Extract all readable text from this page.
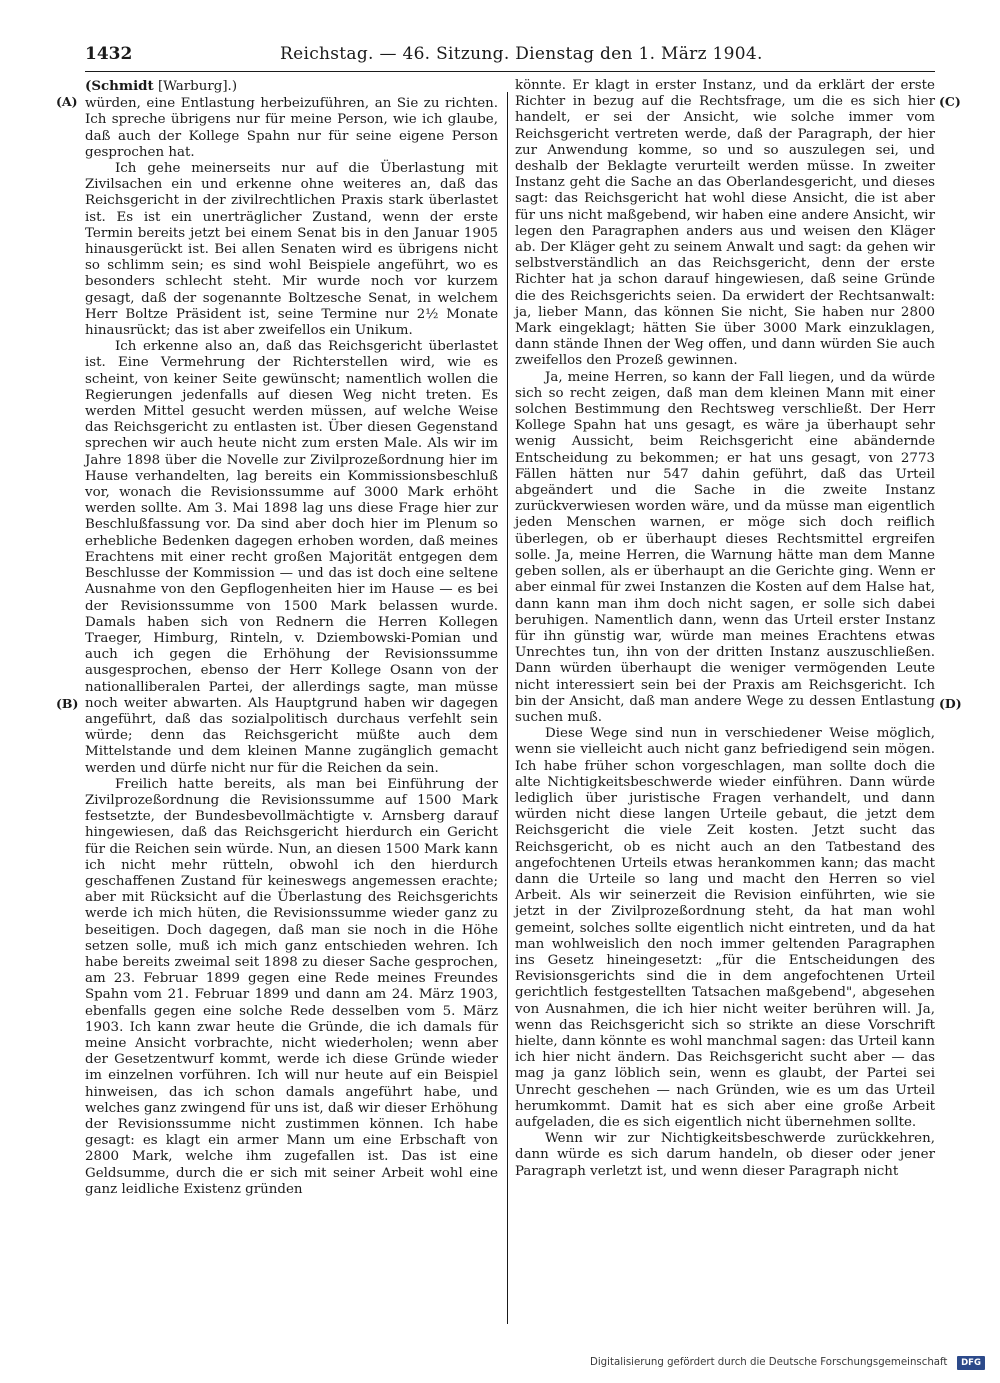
1432	Reichstag. — 46. Sitzung. Dienstag den 1. März 1904.
(A)
(B)
(C)
(D)

(Schmidt [Warburg].)

würden, eine Entlastung herbeizuführen, an Sie zu richten. Ich spreche übrigens nur für meine Person, wie ich glaube, daß auch der Kollege Spahn nur für seine eigene Person gesprochen hat.

Ich gehe meinerseits nur auf die Überlastung mit Zivilsachen ein und erkenne ohne weiteres an, daß das Reichsgericht in der zivilrechtlichen Praxis stark überlastet ist. Es ist ein unerträglicher Zustand, wenn der erste Termin bereits jetzt bei einem Senat bis in den Januar 1905 hinausgerückt ist. Bei allen Senaten wird es übrigens nicht so schlimm sein; es sind wohl Beispiele angeführt, wo es besonders schlecht steht. Mir wurde noch vor kurzem gesagt, daß der sogenannte Boltzesche Senat, in welchem Herr Boltze Präsident ist, seine Termine nur 2½ Monate hinausrückt; das ist aber zweifellos ein Unikum.

Ich erkenne also an, daß das Reichsgericht überlastet ist. Eine Vermehrung der Richterstellen wird, wie es scheint, von keiner Seite gewünscht; namentlich wollen die Regierungen jedenfalls auf diesen Weg nicht treten. Es werden Mittel gesucht werden müssen, auf welche Weise das Reichsgericht zu entlasten ist. Über diesen Gegenstand sprechen wir auch heute nicht zum ersten Male. Als wir im Jahre 1898 über die Novelle zur Zivilprozeßordnung hier im Hause verhandelten, lag bereits ein Kommissionsbeschluß vor, wonach die Revisionssumme auf 3000 Mark erhöht werden sollte. Am 3. Mai 1898 lag uns diese Frage hier zur Beschlußfassung vor. Da sind aber doch hier im Plenum so erhebliche Bedenken dagegen erhoben worden, daß meines Erachtens mit einer recht großen Majorität entgegen dem Beschlusse der Kommission — und das ist doch eine seltene Ausnahme von den Gepflogenheiten hier im Hause — es bei der Revisionssumme von 1500 Mark belassen wurde. Damals haben sich von Rednern die Herren Kollegen Traeger, Himburg, Rinteln, v. Dziembowski-Pomian und auch ich gegen die Erhöhung der Revisionssumme ausgesprochen, ebenso der Herr Kollege Osann von der nationalliberalen Partei, der allerdings sagte, man müsse noch weiter abwarten. Als Hauptgrund haben wir dagegen angeführt, daß das sozialpolitisch durchaus verfehlt sein würde; denn das Reichsgericht müßte auch dem Mittelstande und dem kleinen Manne zugänglich gemacht werden und dürfe nicht nur für die Reichen da sein.

Freilich hatte bereits, als man bei Einführung der Zivilprozeßordnung die Revisionssumme auf 1500 Mark festsetzte, der Bundesbevollmächtigte v. Arnsberg darauf hingewiesen, daß das Reichsgericht hierdurch ein Gericht für die Reichen sein würde. Nun, an diesen 1500 Mark kann ich nicht mehr rütteln, obwohl ich den hierdurch geschaffenen Zustand für keineswegs angemessen erachte; aber mit Rücksicht auf die Überlastung des Reichsgerichts werde ich mich hüten, die Revisionssumme wieder ganz zu beseitigen. Doch dagegen, daß man sie noch in die Höhe setzen solle, muß ich mich ganz entschieden wehren. Ich habe bereits zweimal seit 1898 zu dieser Sache gesprochen, am 23. Februar 1899 gegen eine Rede meines Freundes Spahn vom 21. Februar 1899 und dann am 24. März 1903, ebenfalls gegen eine solche Rede desselben vom 5. März 1903. Ich kann zwar heute die Gründe, die ich damals für meine Ansicht vorbrachte, nicht wiederholen; wenn aber der Gesetzentwurf kommt, werde ich diese Gründe wieder im einzelnen vorführen. Ich will nur heute auf ein Beispiel hinweisen, das ich schon damals angeführt habe, und welches ganz zwingend für uns ist, daß wir dieser Erhöhung der Revisionssumme nicht zustimmen können. Ich habe gesagt: es klagt ein armer Mann um eine Erbschaft von 2800 Mark, welche ihm zugefallen ist. Das ist eine Geldsumme, durch die er sich mit seiner Arbeit wohl eine ganz leidliche Existenz gründen

könnte. Er klagt in erster Instanz, und da erklärt der erste Richter in bezug auf die Rechtsfrage, um die es sich hier handelt, er sei der Ansicht, wie solche immer vom Reichsgericht vertreten werde, daß der Paragraph, der hier zur Anwendung komme, so und so auszulegen sei, und deshalb der Beklagte verurteilt werden müsse. In zweiter Instanz geht die Sache an das Oberlandesgericht, und dieses sagt: das Reichsgericht hat wohl diese Ansicht, die ist aber für uns nicht maßgebend, wir haben eine andere Ansicht, wir legen den Paragraphen anders aus und weisen den Kläger ab. Der Kläger geht zu seinem Anwalt und sagt: da gehen wir selbstverständlich an das Reichsgericht, denn der erste Richter hat ja schon darauf hingewiesen, daß seine Gründe die des Reichsgerichts seien. Da erwidert der Rechtsanwalt: ja, lieber Mann, das können Sie nicht, Sie haben nur 2800 Mark eingeklagt; hätten Sie über 3000 Mark einzuklagen, dann stände Ihnen der Weg offen, und dann würden Sie auch zweifellos den Prozeß gewinnen.

Ja, meine Herren, so kann der Fall liegen, und da würde sich so recht zeigen, daß man dem kleinen Mann mit einer solchen Bestimmung den Rechtsweg verschließt. Der Herr Kollege Spahn hat uns gesagt, es wäre ja überhaupt sehr wenig Aussicht, beim Reichsgericht eine abändernde Entscheidung zu bekommen; er hat uns gesagt, von 2773 Fällen hätten nur 547 dahin geführt, daß das Urteil abgeändert und die Sache in die zweite Instanz zurückverwiesen worden wäre, und da müsse man eigentlich jeden Menschen warnen, er möge sich doch reiflich überlegen, ob er überhaupt dieses Rechtsmittel ergreifen solle. Ja, meine Herren, die Warnung hätte man dem Manne geben sollen, als er überhaupt an die Gerichte ging. Wenn er aber einmal für zwei Instanzen die Kosten auf dem Halse hat, dann kann man ihm doch nicht sagen, er solle sich dabei beruhigen. Namentlich dann, wenn das Urteil erster Instanz für ihn günstig war, würde man meines Erachtens etwas Unrechtes tun, ihn von der dritten Instanz auszuschließen. Dann würden überhaupt die weniger vermögenden Leute nicht interessiert sein bei der Praxis am Reichsgericht. Ich bin der Ansicht, daß man andere Wege zu dessen Entlastung suchen muß.

Diese Wege sind nun in verschiedener Weise möglich, wenn sie vielleicht auch nicht ganz befriedigend sein mögen. Ich habe früher schon vorgeschlagen, man sollte doch die alte Nichtigkeitsbeschwerde wieder einführen. Dann würde lediglich über juristische Fragen verhandelt, und dann würden nicht diese langen Urteile gebaut, die jetzt dem Reichsgericht die viele Zeit kosten. Jetzt sucht das Reichsgericht, ob es nicht auch an den Tatbestand des angefochtenen Urteils etwas herankommen kann; das macht dann die Urteile so lang und macht den Herren so viel Arbeit. Als wir seinerzeit die Revision einführten, wie sie jetzt in der Zivilprozeßordnung steht, da hat man wohl gemeint, solches sollte eigentlich nicht eintreten, und da hat man wohlweislich den noch immer geltenden Paragraphen ins Gesetz hineingesetzt: „für die Entscheidungen des Revisionsgerichts sind die in dem angefochtenen Urteil gerichtlich festgestellten Tatsachen maßgebend", abgesehen von Ausnahmen, die ich hier nicht weiter berühren will. Ja, wenn das Reichsgericht sich so strikte an diese Vorschrift hielte, dann könnte es wohl manchmal sagen: das Urteil kann ich hier nicht ändern. Das Reichsgericht sucht aber — das mag ja ganz löblich sein, wenn es glaubt, der Partei sei Unrecht geschehen — nach Gründen, wie es um das Urteil herumkommt. Damit hat es sich aber eine große Arbeit aufgeladen, die es sich eigentlich nicht übernehmen sollte.

Wenn wir zur Nichtigkeitsbeschwerde zurückkehren, dann würde es sich darum handeln, ob dieser oder jener Paragraph verletzt ist, und wenn dieser Paragraph nicht

Digitalisierung gefördert durch die Deutsche Forschungsgemeinschaft	DFG
